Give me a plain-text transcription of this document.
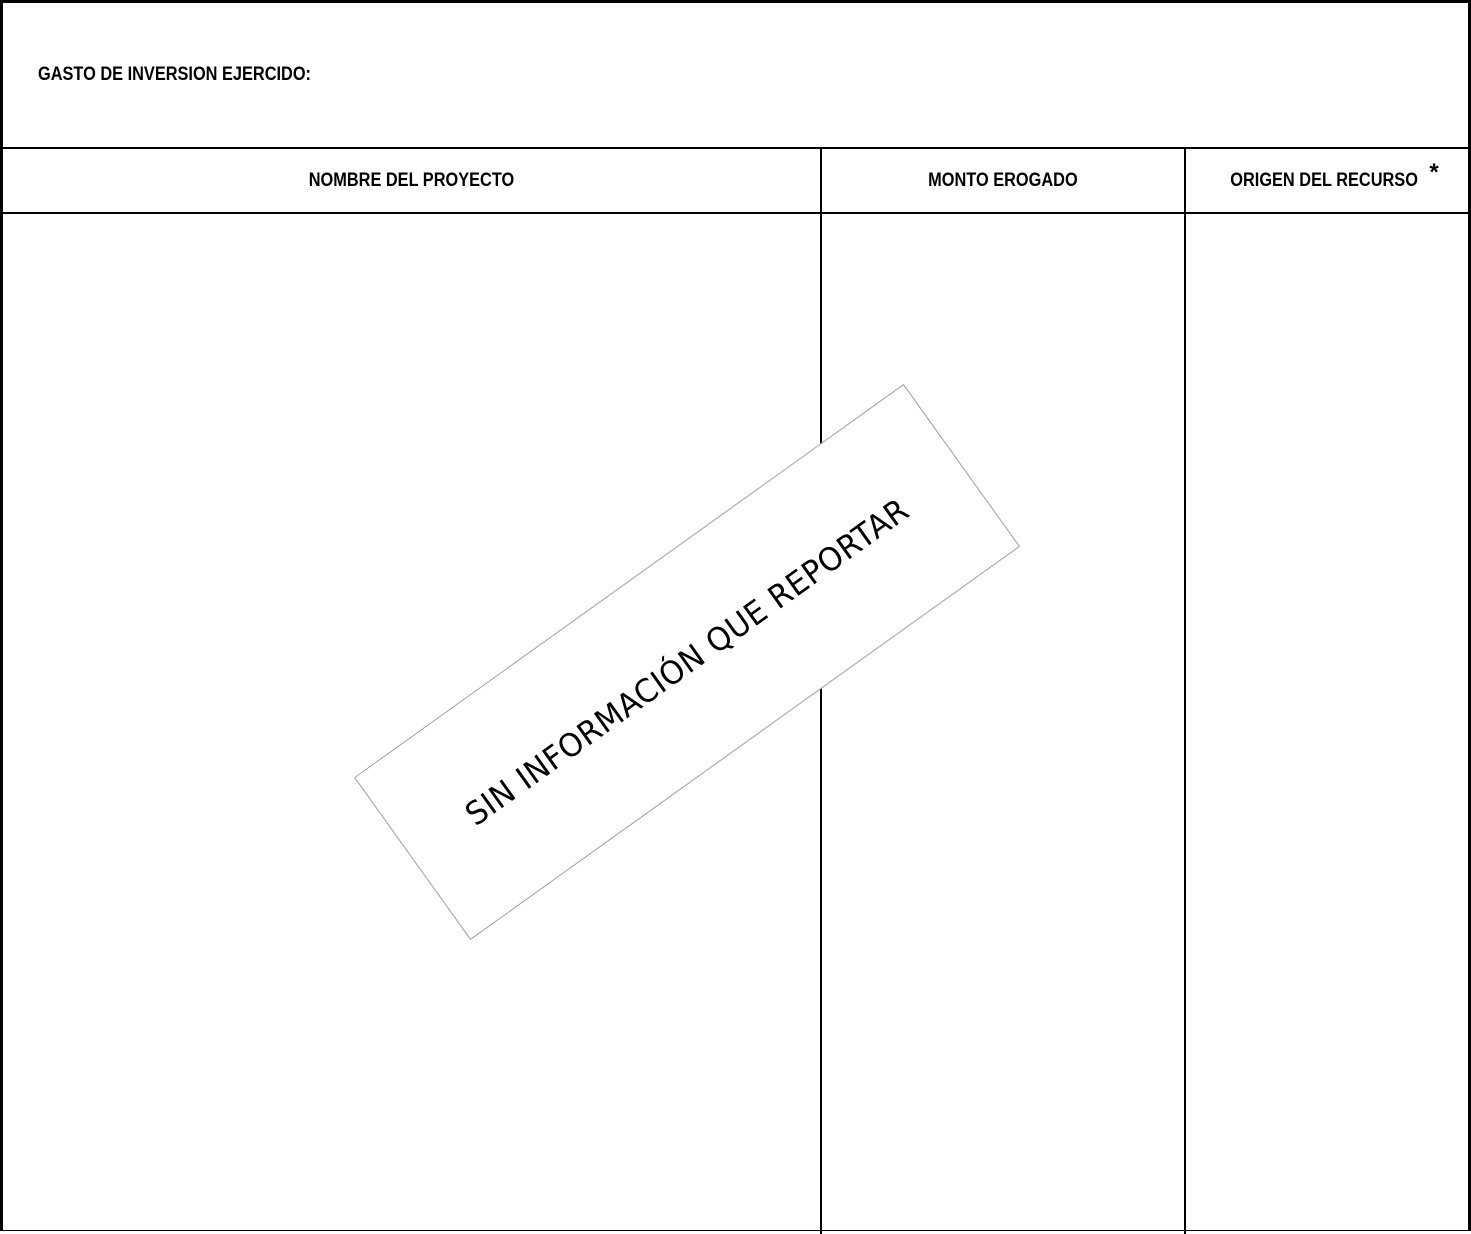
GASTO DE INVERSION EJERCIDO:
NOMBRE DEL PROYECTO	MONTO EROGADO	ORIGEN DEL RECURSO *
SIN INFORMACIÓN QUE REPORTAR
